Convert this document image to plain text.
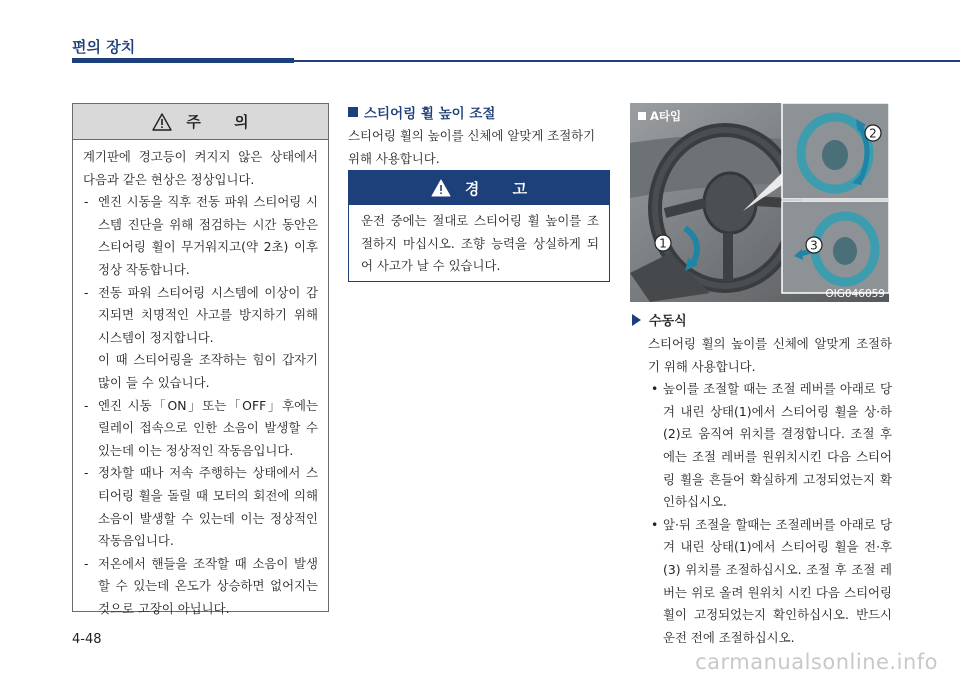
편의 장치
주 의

계기판에 경고등이 켜지지 않은 상태에서 다음과 같은 현상은 정상입니다.

- 엔진 시동을 직후 전동 파워 스티어링 시스템 진단을 위해 점검하는 시간 동안은 스티어링 휠이 무거워지고(약 2초) 이후 정상 작동합니다.
- 전동 파워 스티어링 시스템에 이상이 감지되면 치명적인 사고를 방지하기 위해 시스템이 정지합니다.
이 때 스티어링을 조작하는 힘이 갑자기 많이 들 수 있습니다.
- 엔진 시동「ON」또는「OFF」후에는 릴레이 접속으로 인한 소음이 발생할 수 있는데 이는 정상적인 작동음입니다.
- 정차할 때나 저속 주행하는 상태에서 스티어링 휠을 돌릴 때 모터의 회전에 의해 소음이 발생할 수 있는데 이는 정상적인 작동음입니다.
- 저온에서 핸들을 조작할 때 소음이 발생할 수 있는데 온도가 상승하면 없어지는 것으로 고장이 아닙니다.
스티어링 휠 높이 조절
스티어링 휠의 높이를 신체에 알맞게 조절하기 위해 사용합니다.
경 고
운전 중에는 절대로 스티어링 휠 높이를 조절하지 마십시오. 조향 능력을 상실하게 되어 사고가 날 수 있습니다.
1
2
3
A타입
OIG046059
수동식

스티어링 휠의 높이를 신체에 알맞게 조절하기 위해 사용합니다.

• 높이를 조절할 때는 조절 레버를 아래로 당겨 내린 상태(1)에서 스티어링 휠을 상·하(2)로 움직여 위치를 결정합니다. 조절 후에는 조절 레버를 원위치시킨 다음 스티어링 휠을 흔들어 확실하게 고정되었는지 확인하십시오.
• 앞·뒤 조절을 할때는 조절레버를 아래로 당겨 내린 상태(1)에서 스티어링 휠을 전·후(3) 위치를 조절하십시오. 조절 후 조절 레버는 위로 올려 원위치 시킨 다음 스티어링 휠이 고정되었는지 확인하십시오. 반드시 운전 전에 조절하십시오.
4-48
carmanualsonline.info
